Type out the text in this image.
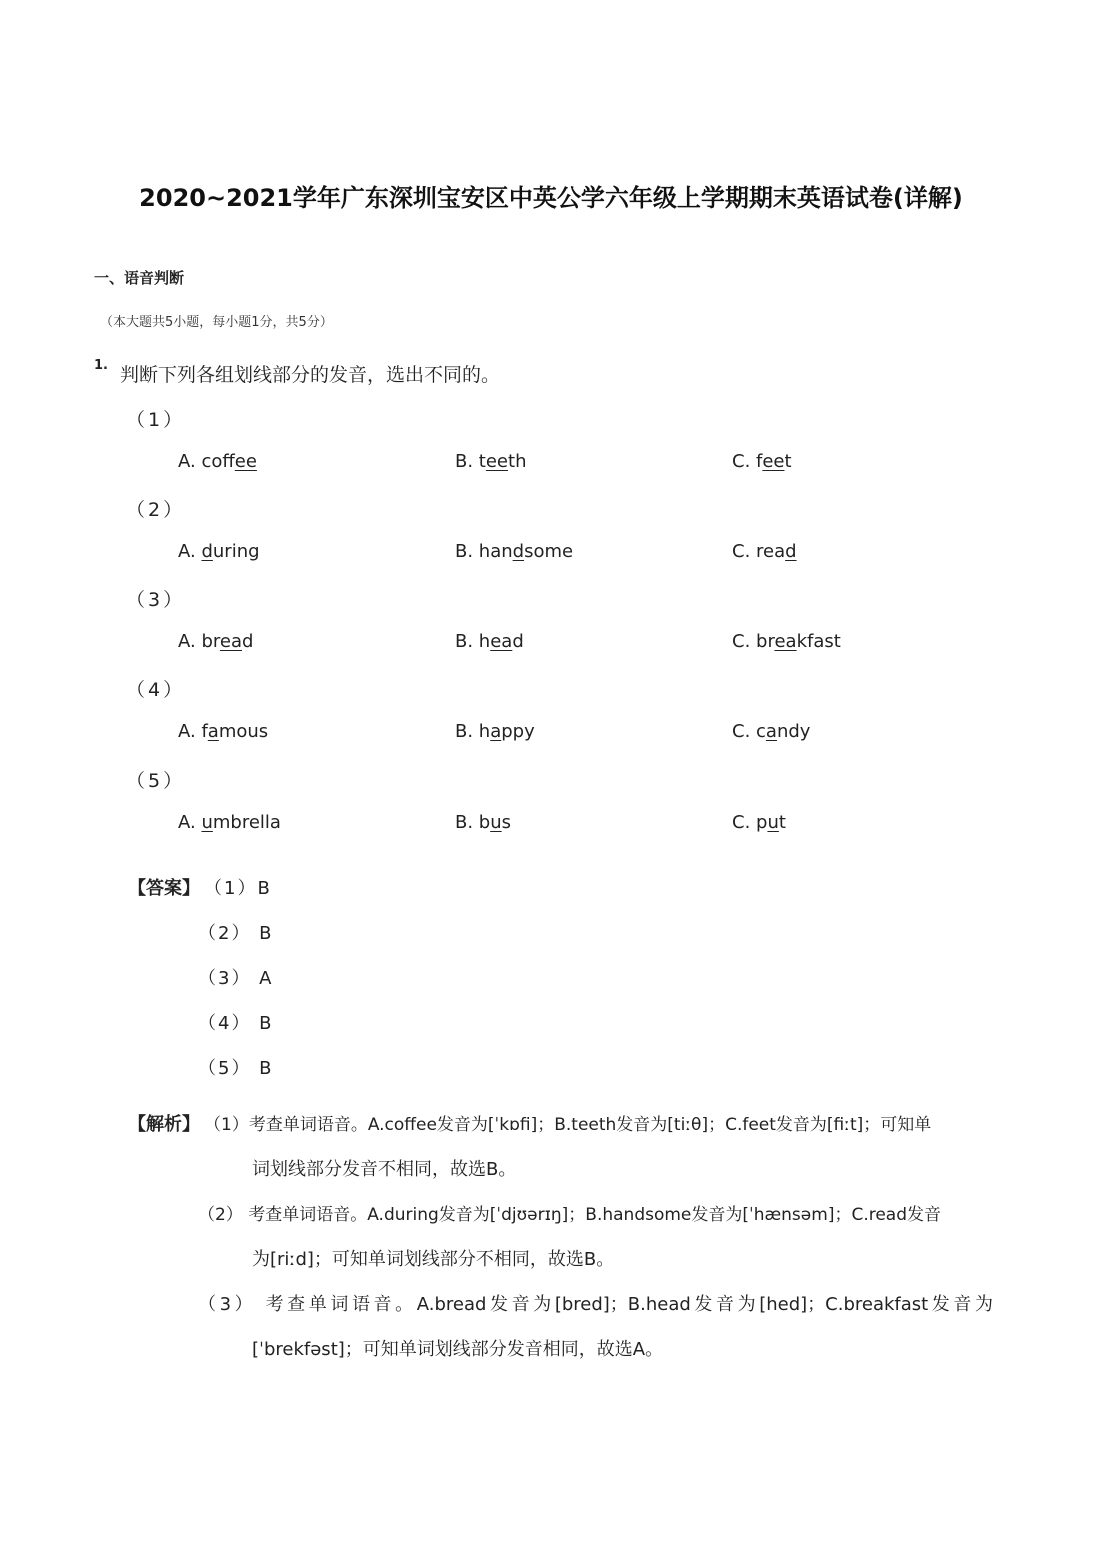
2020~2021学年广东深圳宝安区中英公学六年级上学期期末英语试卷(详解)
一、语音判断
（本大题共5小题，每小题1分，共5分）
1. 判断下列各组划线部分的发音，选出不同的。
（1）
A. coffee	B. teeth	C. feet
（2）
A. during	B. handsome	C. read
（3）
A. bread	B. head	C. breakfast
（4）
A. famous	B. happy	C. candy
（5）
A. umbrella	B. bus	C. put
【答案】 （1）B
（2） B
（3） A
（4） B
（5） B
【解析】 （1）考查单词语音。A.coffee发音为[ˈkɒfi]；B.teeth发音为[tiːθ]；C.feet发音为[fiːt]；可知单
词划线部分发音不相同，故选B。
（2） 考查单词语音。A.during发音为[ˈdjʊərɪŋ]；B.handsome发音为[ˈhænsəm]；C.read发音
为[riːd]；可知单词划线部分不相同，故选B。
（3） 考查单词语音。A.bread发音为[bred]；B.head发音为[hed]；C.breakfast发音为
[ˈbrekfəst]；可知单词划线部分发音相同，故选A。
